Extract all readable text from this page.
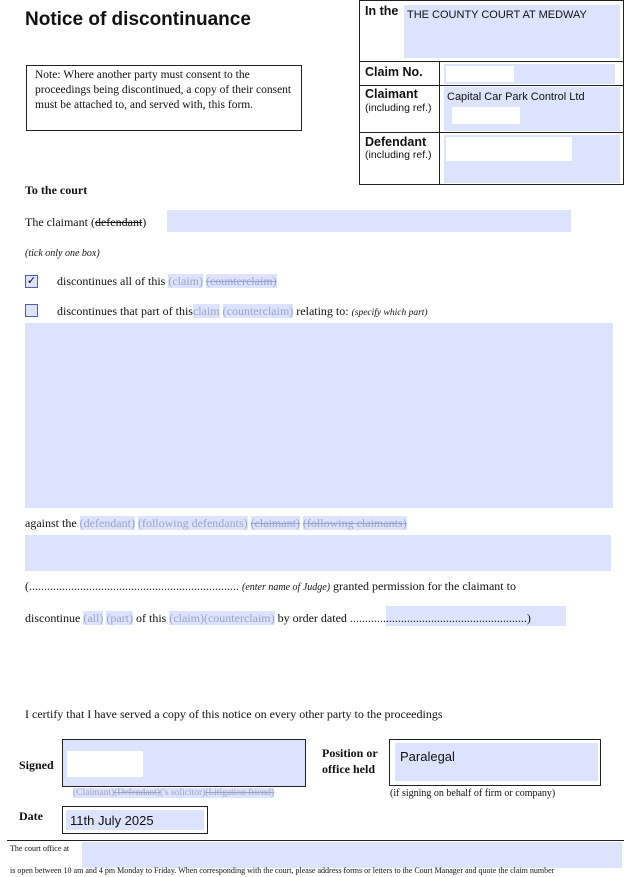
Notice of discontinuance
Note: Where another party must consent to the proceedings being discontinued, a copy of their consent must be attached to, and served with, this form.
In the THE COUNTY COURT AT MEDWAY
Claim No.
Claimant
(including ref.)
Capital Car Park Control Ltd
Defendant
(including ref.)
To the court
The claimant (defendant)
(tick only one box)
✓ discontinues all of this (claim) (counterclaim)
discontinues that part of thisclaim (counterclaim) relating to: (specify which part)
against the (defendant) (following defendants) (claimant) (following claimants)
(...................................................................... (enter name of Judge) granted permission for the claimant to
discontinue (all) (part) of this (claim)(counterclaim) by order dated ...........................................................)
I certify that I have served a copy of this notice on every other party to the proceedings
Signed
(Claimant)(Defendant)('s solicitor)(Litigation friend)
Position or
office held
Paralegal
(if signing on behalf of firm or company)
Date	11th July 2025
The court office at
is open between 10 am and 4 pm Monday to Friday. When corresponding with the court, please address forms or letters to the Court Manager and quote the claim number
